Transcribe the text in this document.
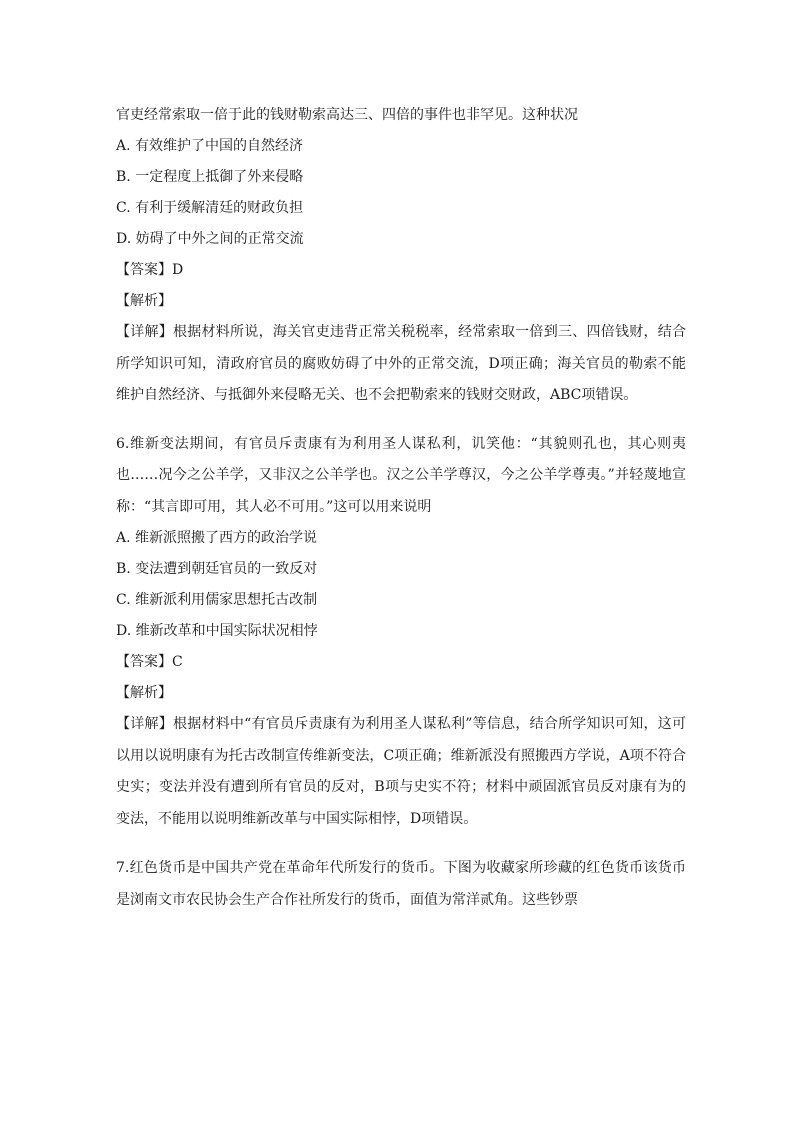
官吏经常索取一倍于此的钱财勒索高达三、四倍的事件也非罕见。这种状况
A. 有效维护了中国的自然经济
B. 一定程度上抵御了外来侵略
C. 有利于缓解清廷的财政负担
D. 妨碍了中外之间的正常交流
【答案】D
【解析】
【详解】根据材料所说，海关官吏违背正常关税税率，经常索取一倍到三、四倍钱财，结合所学知识可知，清政府官员的腐败妨碍了中外的正常交流，D项正确；海关官员的勒索不能维护自然经济、与抵御外来侵略无关、也不会把勒索来的钱财交财政，ABC项错误。
6.维新变法期间，有官员斥责康有为利用圣人谋私利，讥笑他：“其貌则孔也，其心则夷也……况今之公羊学，又非汉之公羊学也。汉之公羊学尊汉，今之公羊学尊夷。”并轻蔑地宣称：“其言即可用，其人必不可用。”这可以用来说明
A. 维新派照搬了西方的政治学说
B. 变法遭到朝廷官员的一致反对
C. 维新派利用儒家思想托古改制
D. 维新改革和中国实际状况相悖
【答案】C
【解析】
【详解】根据材料中“有官员斥责康有为利用圣人谋私利”等信息，结合所学知识可知，这可以用以说明康有为托古改制宣传维新变法，C项正确；维新派没有照搬西方学说，A项不符合史实；变法并没有遭到所有官员的反对，B项与史实不符；材料中顽固派官员反对康有为的变法，不能用以说明维新改革与中国实际相悖，D项错误。
7.红色货币是中国共产党在革命年代所发行的货币。下图为收藏家所珍藏的红色货币该货币是浏南文市农民协会生产合作社所发行的货币，面值为常洋贰角。这些钞票
